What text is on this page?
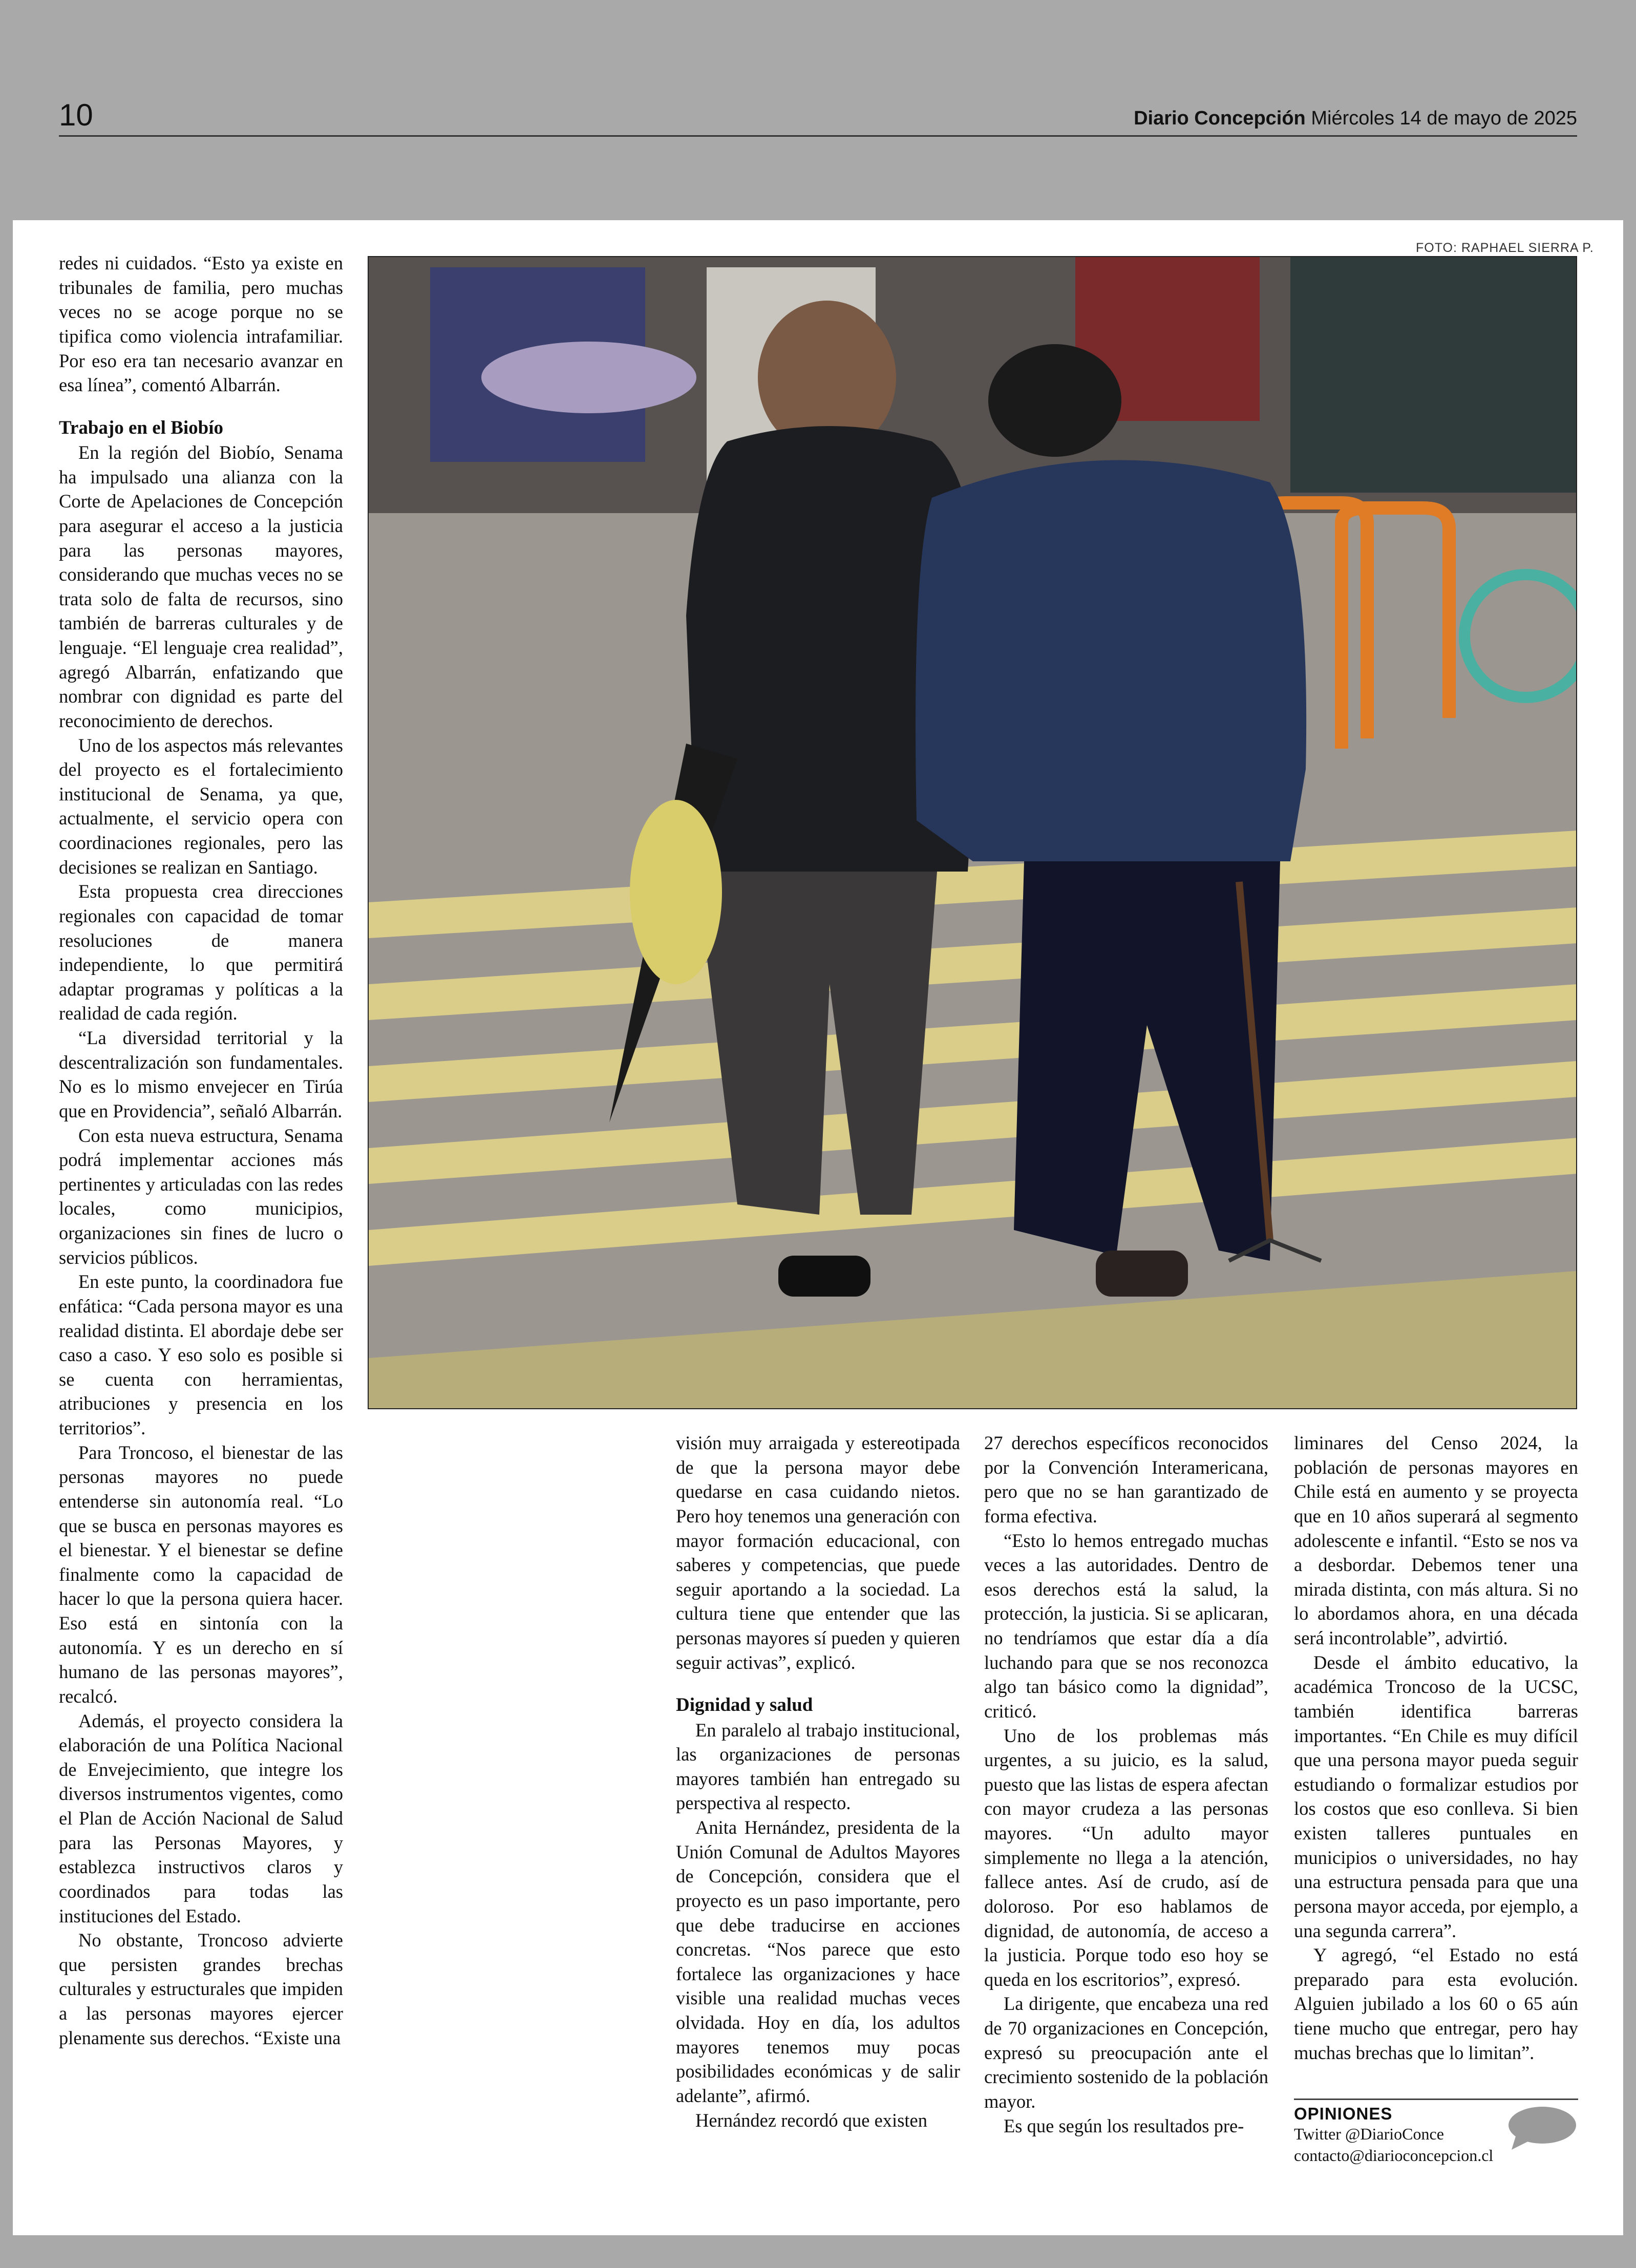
10	Diario Concepción Miércoles 14 de mayo de 2025
FOTO: RAPHAEL SIERRA P.

redes ni cuidados. “Esto ya existe en tribunales de familia, pero muchas veces no se acoge porque no se tipifica como violencia intrafamiliar. Por eso era tan necesario avanzar en esa línea”, comentó Albarrán.

Trabajo en el Biobío

En la región del Biobío, Senama ha impulsado una alianza con la Corte de Apelaciones de Concepción para asegurar el acceso a la justicia para las personas mayores, considerando que muchas veces no se trata solo de falta de recursos, sino también de barreras culturales y de lenguaje. “El lenguaje crea realidad”, agregó Albarrán, enfatizando que nombrar con dignidad es parte del reconocimiento de derechos.

Uno de los aspectos más relevantes del proyecto es el fortalecimiento institucional de Senama, ya que, actualmente, el servicio opera con coordinaciones regionales, pero las decisiones se realizan en Santiago.

Esta propuesta crea direcciones regionales con capacidad de tomar resoluciones de manera independiente, lo que permitirá adaptar programas y políticas a la realidad de cada región.

“La diversidad territorial y la descentralización son fundamentales. No es lo mismo envejecer en Tirúa que en Providencia”, señaló Albarrán.

Con esta nueva estructura, Senama podrá implementar acciones más pertinentes y articuladas con las redes locales, como municipios, organizaciones sin fines de lucro o servicios públicos.

En este punto, la coordinadora fue enfática: “Cada persona mayor es una realidad distinta. El abordaje debe ser caso a caso. Y eso solo es posible si se cuenta con herramientas, atribuciones y presencia en los territorios”.

Para Troncoso, el bienestar de las personas mayores no puede entenderse sin autonomía real. “Lo que se busca en personas mayores es el bienestar. Y el bienestar se define finalmente como la capacidad de hacer lo que la persona quiera hacer. Eso está en sintonía con la autonomía. Y es un derecho en sí humano de las personas mayores”, recalcó.

Además, el proyecto considera la elaboración de una Política Nacional de Envejecimiento, que integre los diversos instrumentos vigentes, como el Plan de Acción Nacional de Salud para las Personas Mayores, y establezca instructivos claros y coordinados para todas las instituciones del Estado.

No obstante, Troncoso advierte que persisten grandes brechas culturales y estructurales que impiden a las personas mayores ejercer plenamente sus derechos. “Existe una

visión muy arraigada y estereotipada de que la persona mayor debe quedarse en casa cuidando nietos. Pero hoy tenemos una generación con mayor formación educacional, con saberes y competencias, que puede seguir aportando a la sociedad. La cultura tiene que entender que las personas mayores sí pueden y quieren seguir activas”, explicó.

Dignidad y salud

En paralelo al trabajo institucional, las organizaciones de personas mayores también han entregado su perspectiva al respecto.

Anita Hernández, presidenta de la Unión Comunal de Adultos Mayores de Concepción, considera que el proyecto es un paso importante, pero que debe traducirse en acciones concretas. “Nos parece que esto fortalece las organizaciones y hace visible una realidad muchas veces olvidada. Hoy en día, los adultos mayores tenemos muy pocas posibilidades económicas y de salir adelante”, afirmó.

Hernández recordó que existen

27 derechos específicos reconocidos por la Convención Interamericana, pero que no se han garantizado de forma efectiva.

“Esto lo hemos entregado muchas veces a las autoridades. Dentro de esos derechos está la salud, la protección, la justicia. Si se aplicaran, no tendríamos que estar día a día luchando para que se nos reconozca algo tan básico como la dignidad”, criticó.

Uno de los problemas más urgentes, a su juicio, es la salud, puesto que las listas de espera afectan con mayor crudeza a las personas mayores. “Un adulto mayor simplemente no llega a la atención, fallece antes. Así de crudo, así de doloroso. Por eso hablamos de dignidad, de autonomía, de acceso a la justicia. Porque todo eso hoy se queda en los escritorios”, expresó.

La dirigente, que encabeza una red de 70 organizaciones en Concepción, expresó su preocupación ante el crecimiento sostenido de la población mayor.

Es que según los resultados pre-

liminares del Censo 2024, la población de personas mayores en Chile está en aumento y se proyecta que en 10 años superará al segmento adolescente e infantil. “Esto se nos va a desbordar. Debemos tener una mirada distinta, con más altura. Si no lo abordamos ahora, en una década será incontrolable”, advirtió.

Desde el ámbito educativo, la académica Troncoso de la UCSC, también identifica barreras importantes. “En Chile es muy difícil que una persona mayor pueda seguir estudiando o formalizar estudios por los costos que eso conlleva. Si bien existen talleres puntuales en municipios o universidades, no hay una estructura pensada para que una persona mayor acceda, por ejemplo, a una segunda carrera”.

Y agregó, “el Estado no está preparado para esta evolución. Alguien jubilado a los 60 o 65 aún tiene mucho que entregar, pero hay muchas brechas que lo limitan”.

OPINIONES
Twitter @DiarioConce
contacto@diarioconcepcion.cl
